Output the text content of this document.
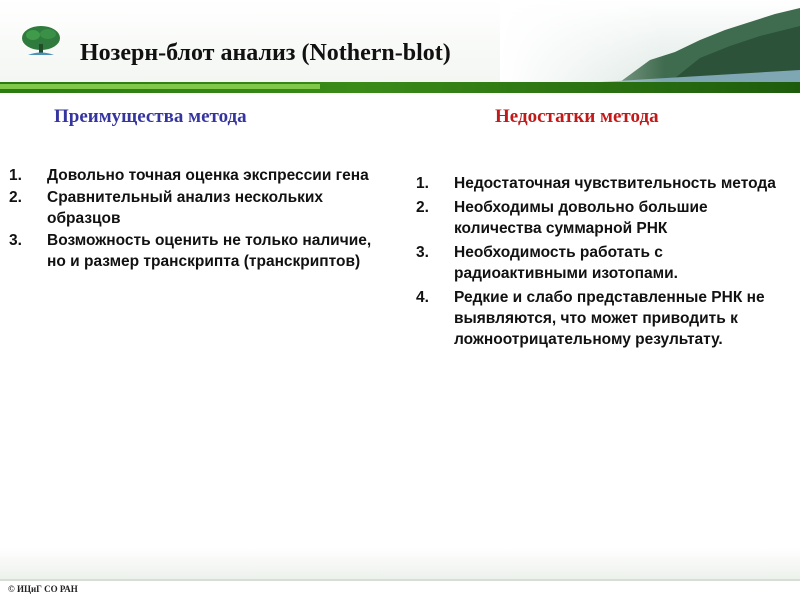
Нозерн-блот анализ (Nothern-blot)
Преимущества метода	Недостатки метода
1. Довольно точная оценка экспрессии гена
2. Сравнительный анализ нескольких образцов
3. Возможность оценить не только наличие, но и размер транскрипта (транскриптов)
1. Недостаточная чувствительность метода
2. Необходимы довольно большие количества суммарной РНК
3. Необходимость работать с радиоактивными изотопами.
4. Редкие и слабо представленные РНК не выявляются, что может приводить к ложноотрицательному результату.
© ИЦиГ СО РАН
